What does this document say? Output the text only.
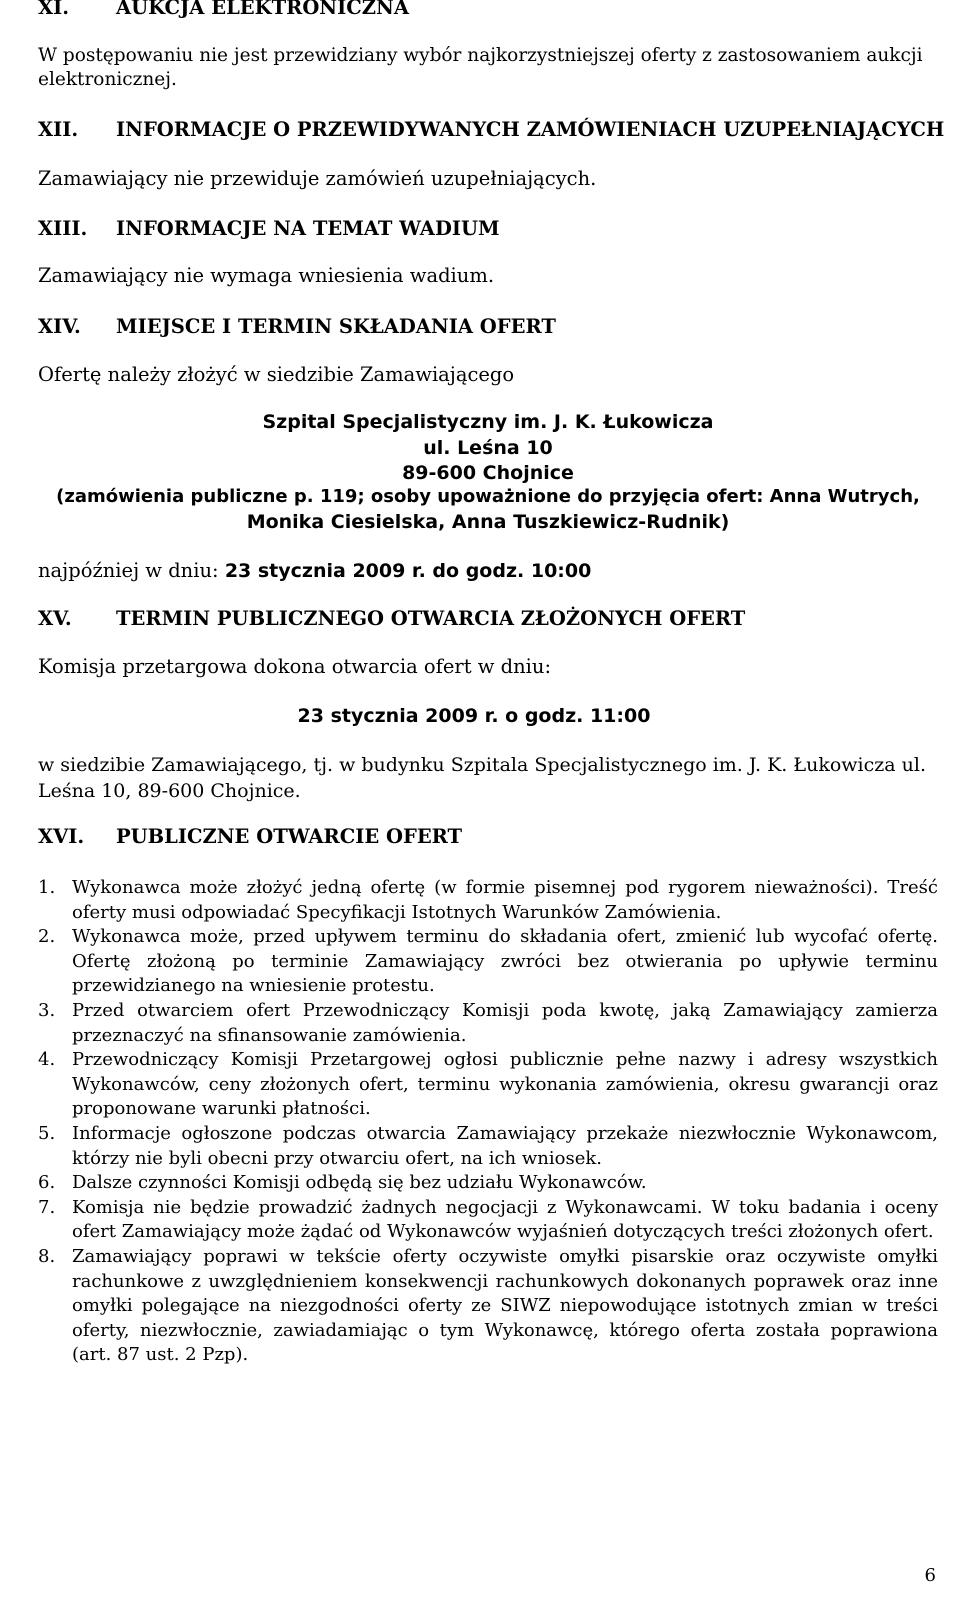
XI. AUKCJA ELEKTRONICZNA
W postępowaniu nie jest przewidziany wybór najkorzystniejszej oferty z zastosowaniem aukcji elektronicznej.
XII. INFORMACJE O PRZEWIDYWANYCH ZAMÓWIENIACH UZUPEŁNIAJĄCYCH
Zamawiający nie przewiduje zamówień uzupełniających.
XIII. INFORMACJE NA TEMAT WADIUM
Zamawiający nie wymaga wniesienia wadium.
XIV. MIEJSCE I TERMIN SKŁADANIA OFERT
Ofertę należy złożyć w siedzibie Zamawiającego
Szpital Specjalistyczny im. J. K. Łukowicza
ul. Leśna 10
89-600 Chojnice
(zamówienia publiczne p. 119; osoby upoważnione do przyjęcia ofert: Anna Wutrych,
Monika Ciesielska, Anna Tuszkiewicz-Rudnik)
najpóźniej w dniu: 23 stycznia 2009 r. do godz. 10:00
XV. TERMIN PUBLICZNEGO OTWARCIA ZŁOŻONYCH OFERT
Komisja przetargowa dokona otwarcia ofert w dniu:
23 stycznia 2009 r. o godz. 11:00
w siedzibie Zamawiającego, tj. w budynku Szpitala Specjalistycznego im. J. K. Łukowicza ul. Leśna 10, 89-600 Chojnice.
XVI. PUBLICZNE OTWARCIE OFERT
1. Wykonawca może złożyć jedną ofertę (w formie pisemnej pod rygorem nieważności). Treść oferty musi odpowiadać Specyfikacji Istotnych Warunków Zamówienia.
2. Wykonawca może, przed upływem terminu do składania ofert, zmienić lub wycofać ofertę. Ofertę złożoną po terminie Zamawiający zwróci bez otwierania po upływie terminu przewidzianego na wniesienie protestu.
3. Przed otwarciem ofert Przewodniczący Komisji poda kwotę, jaką Zamawiający zamierza przeznaczyć na sfinansowanie zamówienia.
4. Przewodniczący Komisji Przetargowej ogłosi publicznie pełne nazwy i adresy wszystkich Wykonawców, ceny złożonych ofert, terminu wykonania zamówienia, okresu gwarancji oraz proponowane warunki płatności.
5. Informacje ogłoszone podczas otwarcia Zamawiający przekaże niezwłocznie Wykonawcom, którzy nie byli obecni przy otwarciu ofert, na ich wniosek.
6. Dalsze czynności Komisji odbędą się bez udziału Wykonawców.
7. Komisja nie będzie prowadzić żadnych negocjacji z Wykonawcami. W toku badania i oceny ofert Zamawiający może żądać od Wykonawców wyjaśnień dotyczących treści złożonych ofert.
8. Zamawiający poprawi w tekście oferty oczywiste omyłki pisarskie oraz oczywiste omyłki rachunkowe z uwzględnieniem konsekwencji rachunkowych dokonanych poprawek oraz inne omyłki polegające na niezgodności oferty ze SIWZ niepowodujące istotnych zmian w treści oferty, niezwłocznie, zawiadamiając o tym Wykonawcę, którego oferta została poprawiona (art. 87 ust. 2 Pzp).
6
